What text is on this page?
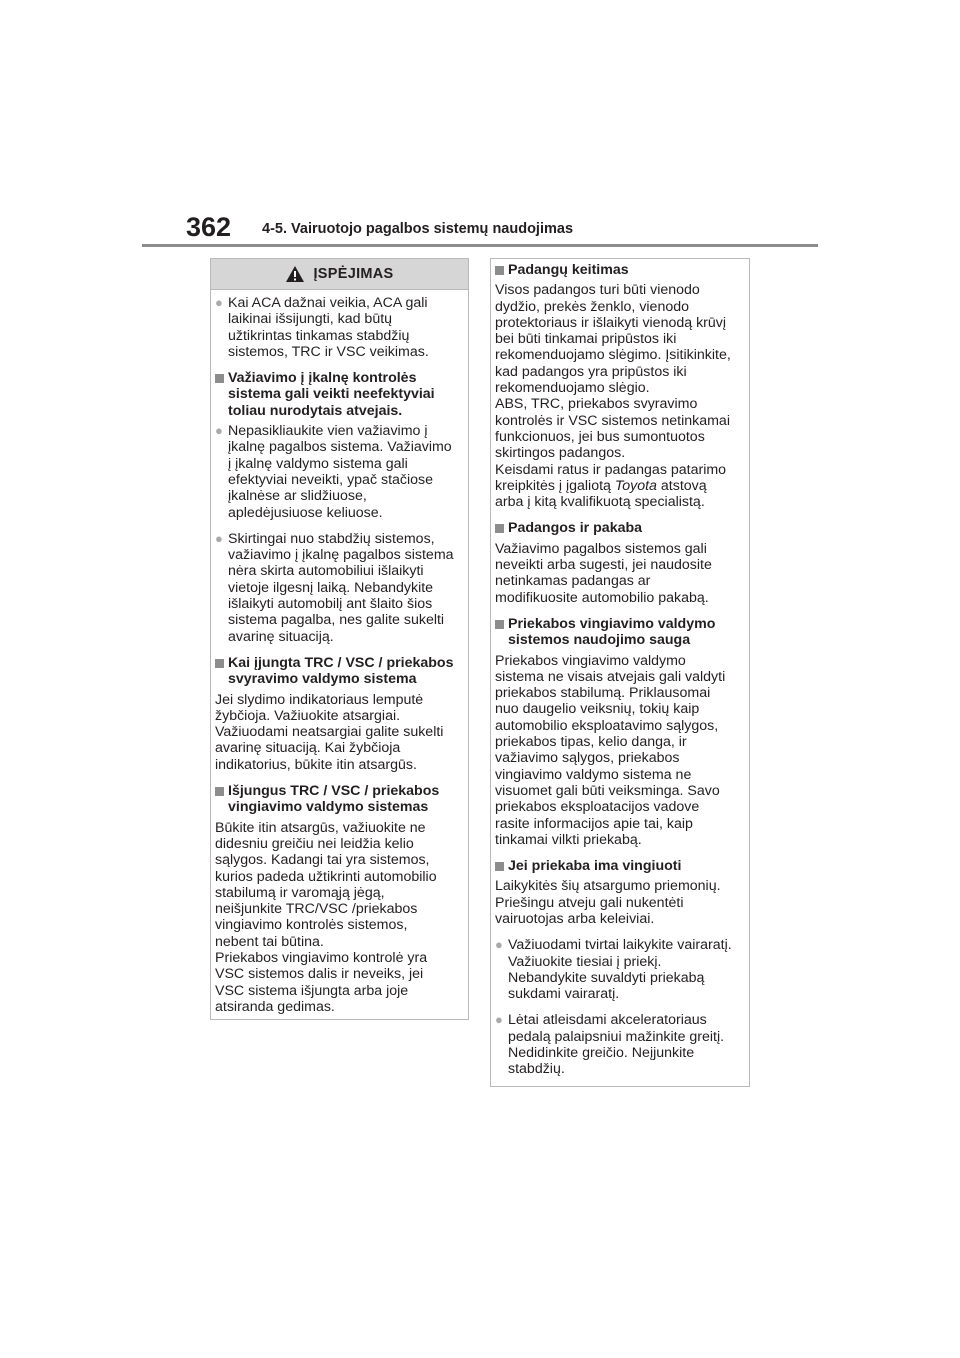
362 4-5. Vairuotojo pagalbos sistemų naudojimas
ĮSPĖJIMAS
● Kai ACA dažnai veikia, ACA gali
laikinai išsijungti, kad būtų
užtikrintas tinkamas stabdžių
sistemos, TRC ir VSC veikimas.
Važiavimo į įkalnę kontrolės
sistema gali veikti neefektyviai
toliau nurodytais atvejais.
● Nepasikliaukite vien važiavimo į
įkalnę pagalbos sistema. Važiavimo
į įkalnę valdymo sistema gali
efektyviai neveikti, ypač stačiose
įkalnėse ar slidžiuose,
apledėjusiuose keliuose.
● Skirtingai nuo stabdžių sistemos,
važiavimo į įkalnę pagalbos sistema
nėra skirta automobiliui išlaikyti
vietoje ilgesnį laiką. Nebandykite
išlaikyti automobilį ant šlaito šios
sistema pagalba, nes galite sukelti
avarinę situaciją.
Kai įjungta TRC / VSC / priekabos
svyravimo valdymo sistema
Jei slydimo indikatoriaus lemputė
žybčioja. Važiuokite atsargiai.
Važiuodami neatsargiai galite sukelti
avarinę situaciją. Kai žybčioja
indikatorius, būkite itin atsargūs.
Išjungus TRC / VSC / priekabos
vingiavimo valdymo sistemas
Būkite itin atsargūs, važiuokite ne
didesniu greičiu nei leidžia kelio
sąlygos. Kadangi tai yra sistemos,
kurios padeda užtikrinti automobilio
stabilumą ir varomąją jėgą,
neišjunkite TRC/VSC /priekabos
vingiavimo kontrolės sistemos,
nebent tai būtina.
Priekabos vingiavimo kontrolė yra
VSC sistemos dalis ir neveiks, jei
VSC sistema išjungta arba joje
atsiranda gedimas.
Padangų keitimas
Visos padangos turi būti vienodo
dydžio, prekės ženklo, vienodo
protektoriaus ir išlaikyti vienodą krūvį
bei būti tinkamai pripūstos iki
rekomenduojamo slėgimo. Įsitikinkite,
kad padangos yra pripūstos iki
rekomenduojamo slėgio.
ABS, TRC, priekabos svyravimo
kontrolės ir VSC sistemos netinkamai
funkcionuos, jei bus sumontuotos
skirtingos padangos.
Keisdami ratus ir padangas patarimo
kreipkitės į įgaliotą Toyota atstovą
arba į kitą kvalifikuotą specialistą.
Padangos ir pakaba
Važiavimo pagalbos sistemos gali
neveikti arba sugesti, jei naudosite
netinkamas padangas ar
modifikuosite automobilio pakabą.
Priekabos vingiavimo valdymo
sistemos naudojimo sauga
Priekabos vingiavimo valdymo
sistema ne visais atvejais gali valdyti
priekabos stabilumą. Priklausomai
nuo daugelio veiksnių, tokių kaip
automobilio eksploatavimo sąlygos,
priekabos tipas, kelio danga, ir
važiavimo sąlygos, priekabos
vingiavimo valdymo sistema ne
visuomet gali būti veiksminga. Savo
priekabos eksploatacijos vadove
rasite informacijos apie tai, kaip
tinkamai vilkti priekabą.
Jei priekaba ima vingiuoti
Laikykitės šių atsargumo priemonių.
Priešingu atveju gali nukentėti
vairuotojas arba keleiviai.
● Važiuodami tvirtai laikykite vairaratį.
Važiuokite tiesiai į priekį.
Nebandykite suvaldyti priekabą
sukdami vairaratį.
● Lėtai atleisdami akceleratoriaus
pedalą palaipsniui mažinkite greitį.
Nedidinkite greičio. Neįjunkite
stabdžių.
